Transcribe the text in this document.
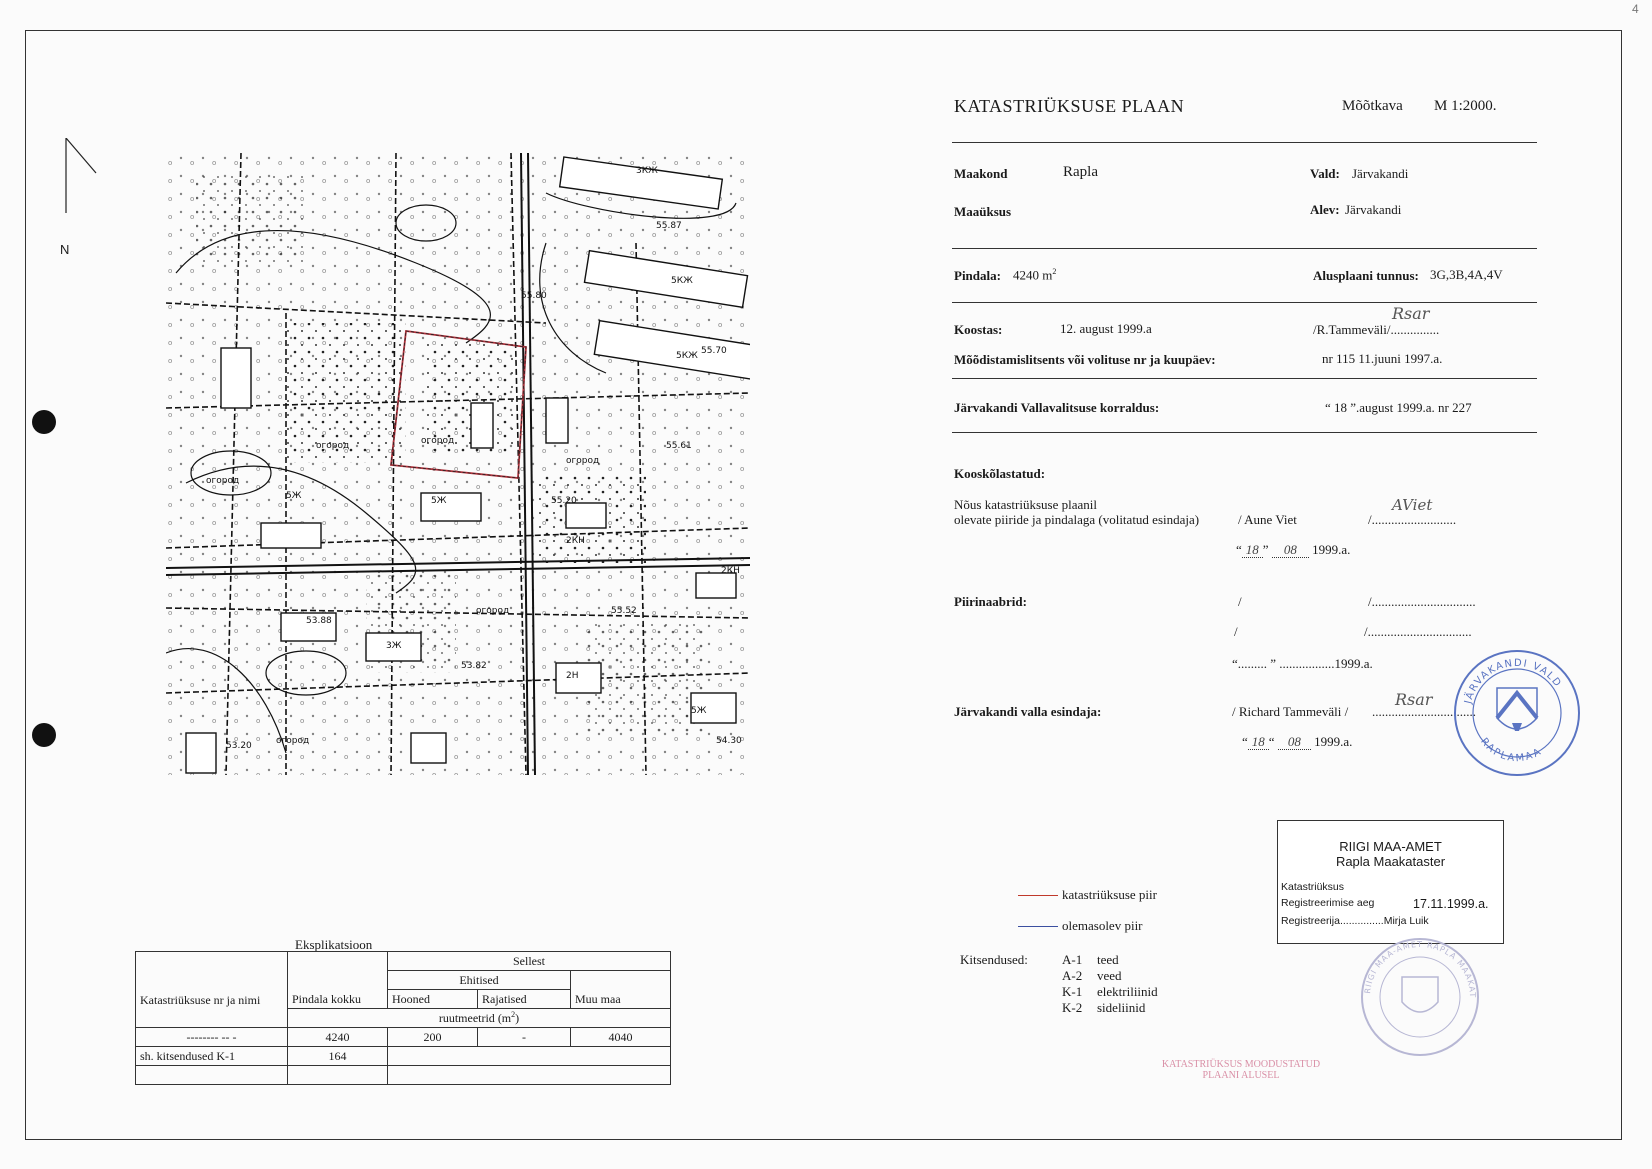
4
N
3КЖ
5КЖ
5КЖ
огород
огород
огород
огород
огород
огород
5Ж	5Ж
2КН
2КН
3Ж
5Ж
2Н
55.20
55.61
53.82
54.30
53.88
53.20
55.52
55.70
55.87
55.80
KATASTRIÜKSUSE PLAAN	Mõõtkava M 1:2000.
Maakond	Rapla	Vald: Järvakandi
Maaüksus	Alev: Järvakandi
Pindala: 4240 $m^2$	Alusplaani tunnus: 3G,3B,4A,4V
Koostas:	12. august 1999.a	/R.Tammeväli/...............
Rsar
Mõõdistamislitsents või volituse nr ja kuupäev:	nr 115 11.juuni 1997.a.
Järvakandi Vallavalitsuse korraldus:	“ 18 ”.august 1999.a. nr 227
Kooskõlastatud:
Nõus katastriüksuse plaanil
olevate piiride ja pindalaga (volitatud esindaja)	/ Aune Viet	/..........................
AViet
“ 18 ” 08 1999.a.
Piirinaabrid:	/	/................................
/	/................................
“......... ” .................1999.a.
Järvakandi valla esindaja:	/ Richard Tammeväli / ................................
Rsar
“ 18 “ 08 1999.a.
JÄRVAKANDI VALD
RAPLAMAA
RIIGI MAA-AMET
Rapla Maakataster
Katastriüksus
Registreerimise aeg	17.11.1999.a.
Registreerija...............Mirja Luik
RIIGI MAA-AMET RAPLA MAAKAT
KATASTRIÜKSUS MOODUSTATUD
PLAANI ALUSEL
katastriüksuse piir
olemasolev piir
Kitsendused:	A-1 teed
A-2 veed
K-1 elektriliinid
K-2 sideliinid
Eksplikatsioon
Katastriüksuse nr ja nimi	Pindala kokku	Sellest		
		Ehitised		Muu maa
		Hooned	Rajatised	
	ruutmeetrid $(m^2)$			
-------- -- -	4240	200	-	4040
sh. kitsendused K-1	164			
